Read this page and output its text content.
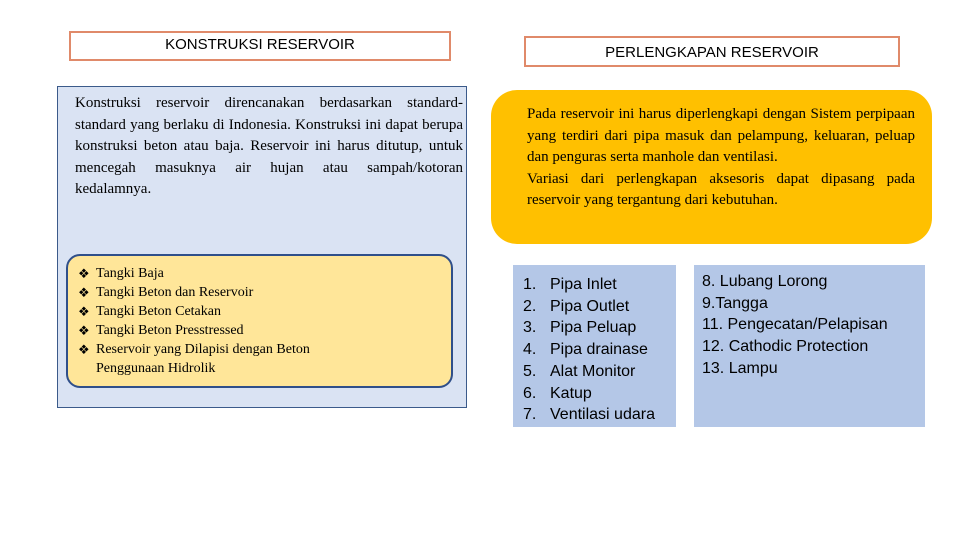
KONSTRUKSI RESERVOIR

Konstruksi reservoir direncanakan berdasarkan standard-standard yang berlaku di Indonesia. Konstruksi ini dapat berupa konstruksi beton atau baja. Reservoir ini harus ditutup, untuk mencegah masuknya air hujan atau sampah/kotoran kedalamnya.

❖ Tangki Baja
❖ Tangki Beton dan Reservoir
❖ Tangki Beton Cetakan
❖ Tangki Beton Presstressed
❖ Reservoir yang Dilapisi dengan Beton
Penggunaan Hidrolik
PERLENGKAPAN RESERVOIR

Pada reservoir ini harus diperlengkapi dengan Sistem perpipaan yang terdiri dari pipa masuk dan pelampung, keluaran, peluap dan penguras serta manhole dan ventilasi.

Variasi dari perlengkapan aksesoris dapat dipasang pada reservoir yang tergantung dari kebutuhan.

1. Pipa Inlet
2. Pipa Outlet
3. Pipa Peluap
4. Pipa drainase
5. Alat Monitor
6. Katup
7. Ventilasi udara
8. Lubang Lorong
9.Tangga
11. Pengecatan/Pelapisan
12. Cathodic Protection
13. Lampu
